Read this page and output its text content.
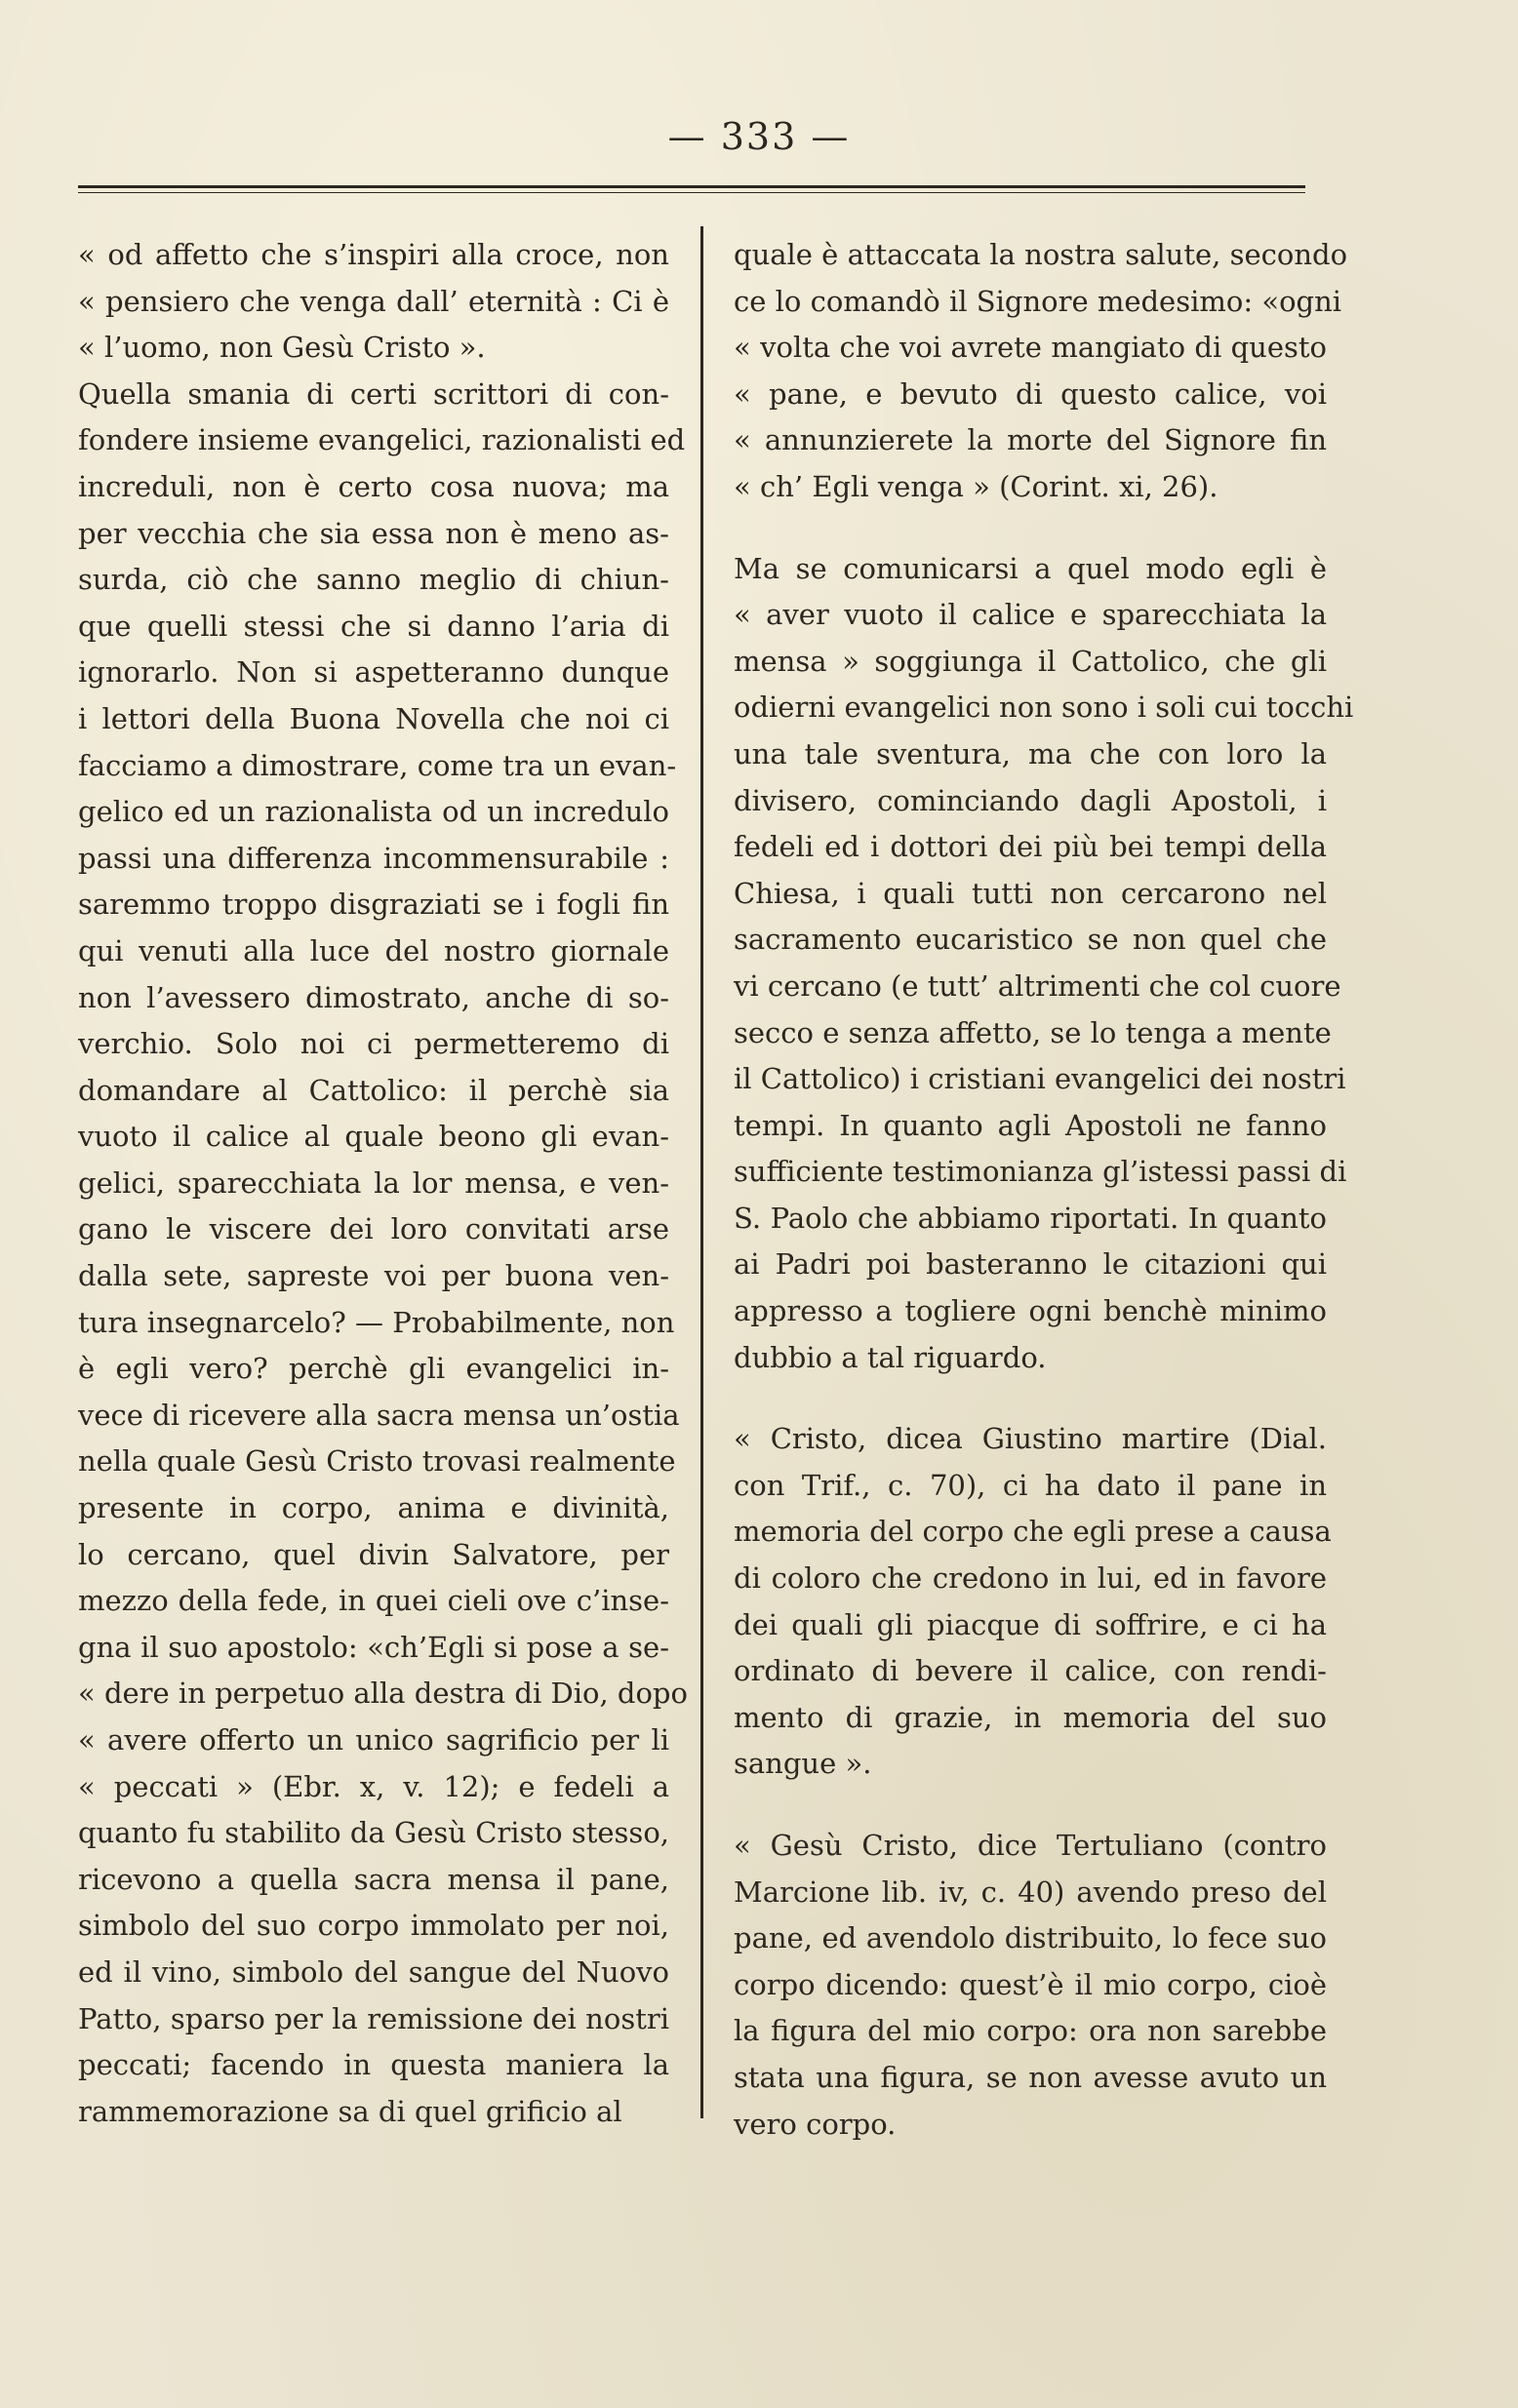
— 333 —
« od affetto che s’inspiri alla croce, non
« pensiero che venga dall’ eternità : Ci è
« l’uomo, non Gesù Cristo ».
Quella smania di certi scrittori di con-
fondere insieme evangelici, razionalisti ed
increduli, non è certo cosa nuova; ma
per vecchia che sia essa non è meno as-
surda, ciò che sanno meglio di chiun-
que quelli stessi che si danno l’aria di
ignorarlo. Non si aspetteranno dunque
i lettori della Buona Novella che noi ci
facciamo a dimostrare, come tra un evan-
gelico ed un razionalista od un incredulo
passi una differenza incommensurabile :
saremmo troppo disgraziati se i fogli fin
qui venuti alla luce del nostro giornale
non l’avessero dimostrato, anche di so-
verchio. Solo noi ci permetteremo di
domandare al Cattolico: il perchè sia
vuoto il calice al quale beono gli evan-
gelici, sparecchiata la lor mensa, e ven-
gano le viscere dei loro convitati arse
dalla sete, sapreste voi per buona ven-
tura insegnarcelo? — Probabilmente, non
è egli vero? perchè gli evangelici in-
vece di ricevere alla sacra mensa un’ostia
nella quale Gesù Cristo trovasi realmente
presente in corpo, anima e divinità,
lo cercano, quel divin Salvatore, per
mezzo della fede, in quei cieli ove c’inse-
gna il suo apostolo: «ch’Egli si pose a se-
« dere in perpetuo alla destra di Dio, dopo
« avere offerto un unico sagrificio per li
« peccati » (Ebr. x, v. 12); e fedeli a
quanto fu stabilito da Gesù Cristo stesso,
ricevono a quella sacra mensa il pane,
simbolo del suo corpo immolato per noi,
ed il vino, simbolo del sangue del Nuovo
Patto, sparso per la remissione dei nostri
peccati; facendo in questa maniera la
rammemorazione sa di quel grificio al
quale è attaccata la nostra salute, secondo
ce lo comandò il Signore medesimo: «ogni
« volta che voi avrete mangiato di questo
« pane, e bevuto di questo calice, voi
« annunzierete la morte del Signore fin
« ch’ Egli venga » (Corint. xi, 26).
Ma se comunicarsi a quel modo egli è
« aver vuoto il calice e sparecchiata la
mensa » soggiunga il Cattolico, che gli
odierni evangelici non sono i soli cui tocchi
una tale sventura, ma che con loro la
divisero, cominciando dagli Apostoli, i
fedeli ed i dottori dei più bei tempi della
Chiesa, i quali tutti non cercarono nel
sacramento eucaristico se non quel che
vi cercano (e tutt’ altrimenti che col cuore
secco e senza affetto, se lo tenga a mente
il Cattolico) i cristiani evangelici dei nostri
tempi. In quanto agli Apostoli ne fanno
sufficiente testimonianza gl’istessi passi di
S. Paolo che abbiamo riportati. In quanto
ai Padri poi basteranno le citazioni qui
appresso a togliere ogni benchè minimo
dubbio a tal riguardo.
« Cristo, dicea Giustino martire (Dial.
con Trif., c. 70), ci ha dato il pane in
memoria del corpo che egli prese a causa
di coloro che credono in lui, ed in favore
dei quali gli piacque di soffrire, e ci ha
ordinato di bevere il calice, con rendi-
mento di grazie, in memoria del suo
sangue ».
« Gesù Cristo, dice Tertuliano (contro
Marcione lib. iv, c. 40) avendo preso del
pane, ed avendolo distribuito, lo fece suo
corpo dicendo: quest’è il mio corpo, cioè
la figura del mio corpo: ora non sarebbe
stata una figura, se non avesse avuto un
vero corpo.
